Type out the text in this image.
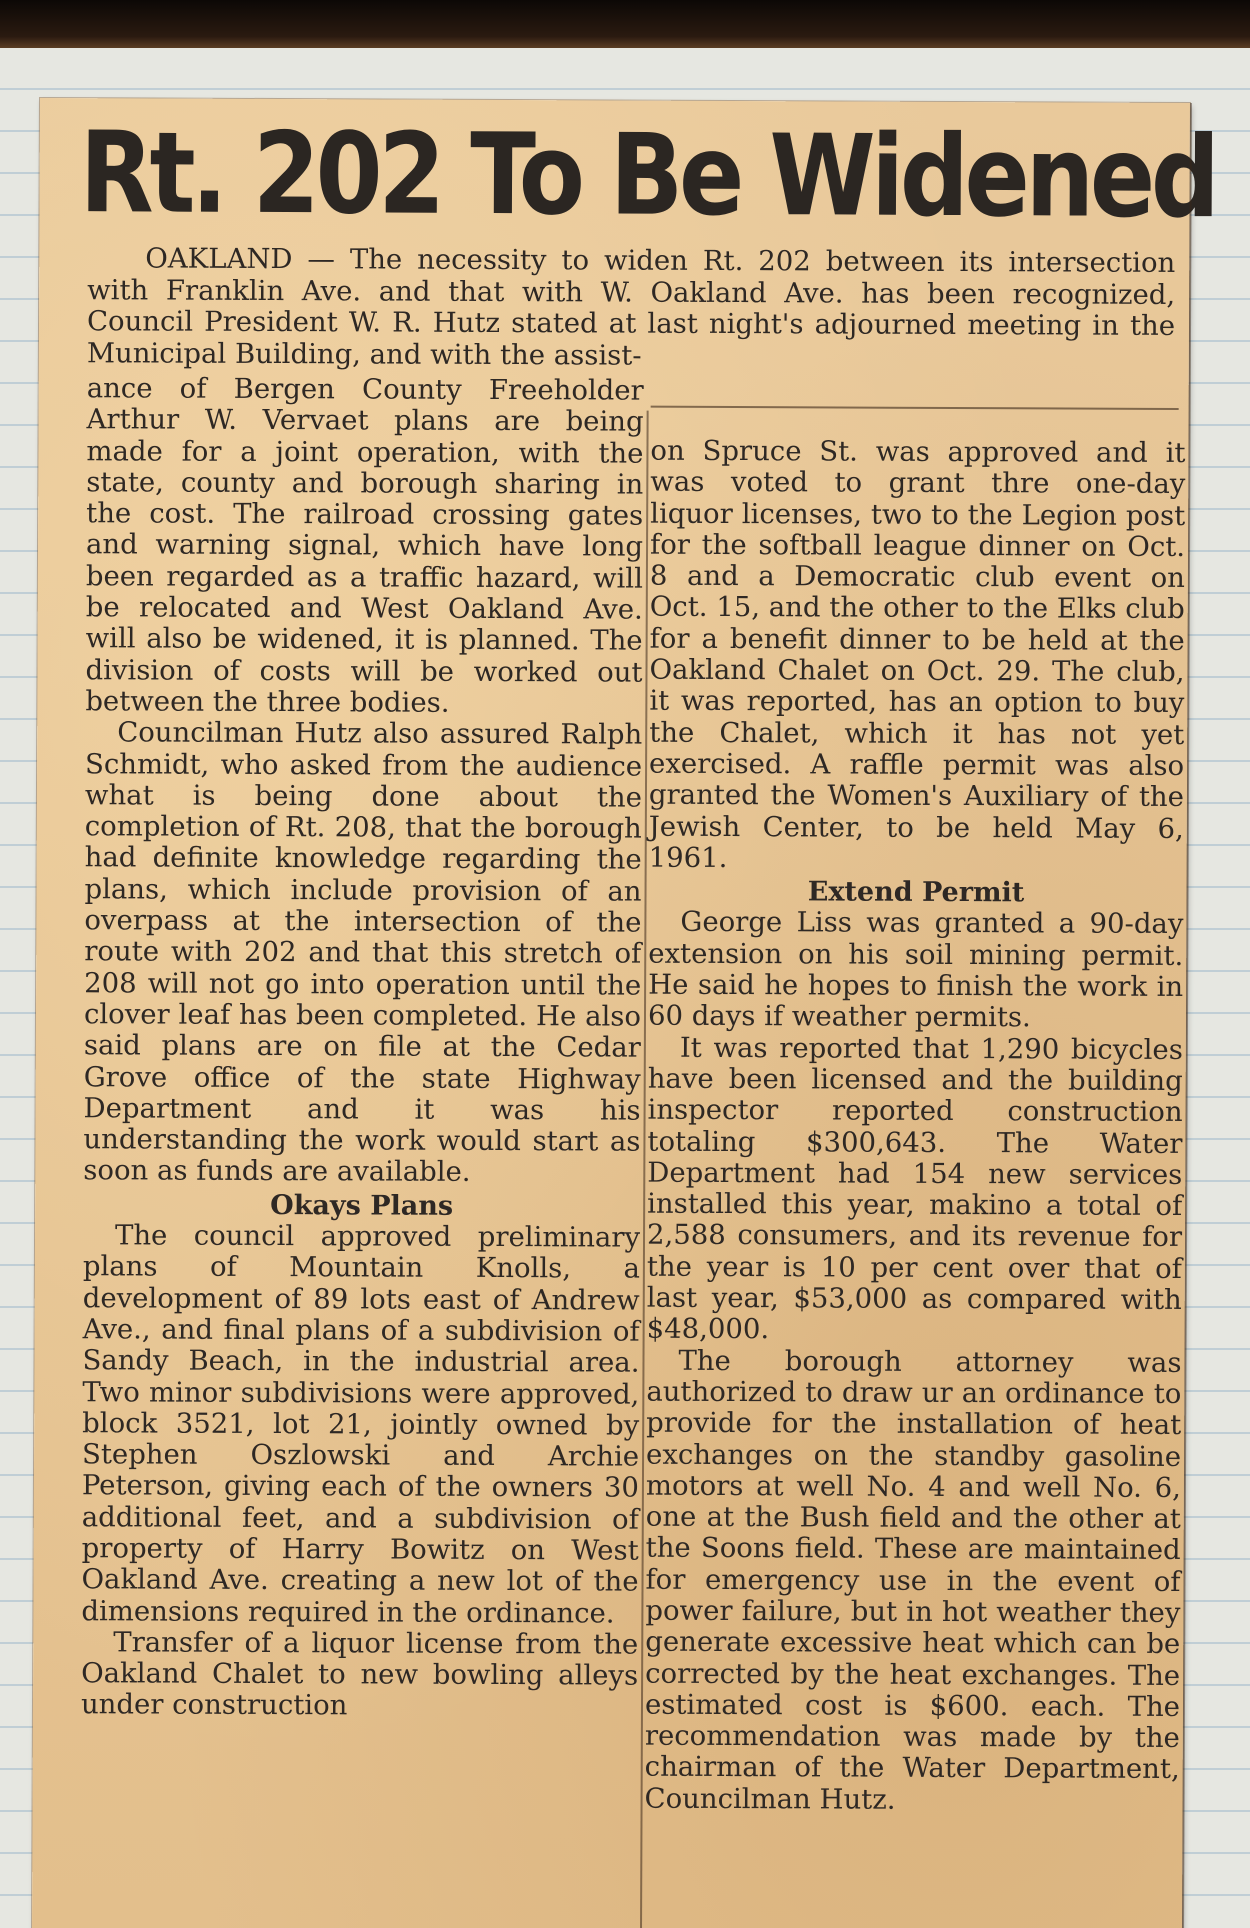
Rt. 202 To Be Widened

OAKLAND — The necessity to widen Rt. 202 between its intersection with Franklin Ave. and that with W. Oakland Ave. has been recognized, Council President W. R. Hutz stated at last night's adjourned meeting in the Municipal Building, and with the assist-

ance of Bergen County Freeholder Arthur W. Vervaet plans are being made for a joint operation, with the state, county and borough sharing in the cost. The railroad crossing gates and warning signal, which have long been regarded as a traffic hazard, will be relocated and West Oakland Ave. will also be widened, it is planned. The division of costs will be worked out between the three bodies.

Councilman Hutz also assured Ralph Schmidt, who asked from the audience what is being done about the completion of Rt. 208, that the borough had definite knowledge regarding the plans, which include provision of an overpass at the intersection of the route with 202 and that this stretch of 208 will not go into operation until the clover leaf has been completed. He also said plans are on file at the Cedar Grove office of the state Highway Department and it was his understanding the work would start as soon as funds are available.

Okays Plans

The council approved preliminary plans of Mountain Knolls, a development of 89 lots east of Andrew Ave., and final plans of a subdivision of Sandy Beach, in the industrial area. Two minor subdivisions were approved, block 3521, lot 21, jointly owned by Stephen Oszlowski and Archie Peterson, giving each of the owners 30 additional feet, and a subdivision of property of Harry Bowitz on West Oakland Ave. creating a new lot of the dimensions required in the ordinance.

Transfer of a liquor license from the Oakland Chalet to new bowling alleys under construction

on Spruce St. was approved and it was voted to grant thre one-day liquor licenses, two to the Legion post for the softball league dinner on Oct. 8 and a Democratic club event on Oct. 15, and the other to the Elks club for a benefit dinner to be held at the Oakland Chalet on Oct. 29. The club, it was reported, has an option to buy the Chalet, which it has not yet exercised. A raffle permit was also granted the Women's Auxiliary of the Jewish Center, to be held May 6, 1961.

Extend Permit

George Liss was granted a 90-day extension on his soil mining permit. He said he hopes to finish the work in 60 days if weather permits.

It was reported that 1,290 bicycles have been licensed and the building inspector reported construction totaling $300,643. The Water Department had 154 new services installed this year, makino a total of 2,588 consumers, and its revenue for the year is 10 per cent over that of last year, $53,000 as compared with $48,000.

The borough attorney was authorized to draw ur an ordinance to provide for the installation of heat exchanges on the standby gasoline motors at well No. 4 and well No. 6, one at the Bush field and the other at the Soons field. These are maintained for emergency use in the event of power failure, but in hot weather they generate excessive heat which can be corrected by the heat exchanges. The estimated cost is $600. each. The recommendation was made by the chairman of the Water Department, Councilman Hutz.
